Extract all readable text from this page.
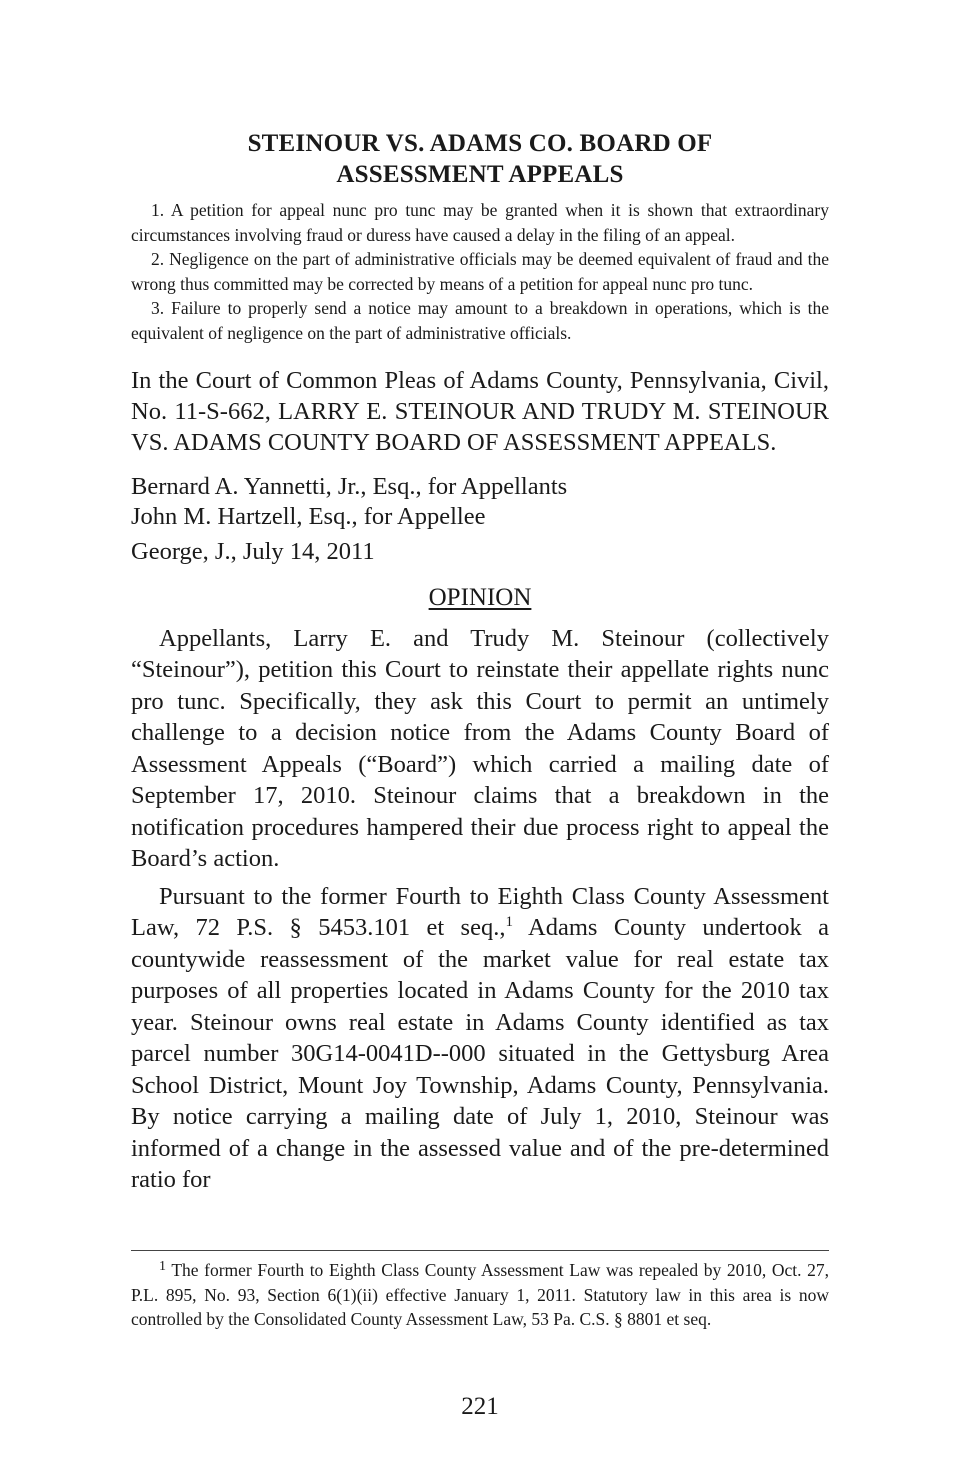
STEINOUR VS. ADAMS CO. BOARD OF
ASSESSMENT APPEALS

1. A petition for appeal nunc pro tunc may be granted when it is shown that extraordinary circumstances involving fraud or duress have caused a delay in the filing of an appeal.

2. Negligence on the part of administrative officials may be deemed equivalent of fraud and the wrong thus committed may be corrected by means of a petition for appeal nunc pro tunc.

3. Failure to properly send a notice may amount to a breakdown in operations, which is the equivalent of negligence on the part of administrative officials.

In the Court of Common Pleas of Adams County, Pennsylvania, Civil, No. 11-S-662, LARRY E. STEINOUR AND TRUDY M. STEINOUR VS. ADAMS COUNTY BOARD OF ASSESSMENT APPEALS.

Bernard A. Yannetti, Jr., Esq., for Appellants
John M. Hartzell, Esq., for Appellee
George, J., July 14, 2011
OPINION

Appellants, Larry E. and Trudy M. Steinour (collectively “Steinour”), petition this Court to reinstate their appellate rights nunc pro tunc. Specifically, they ask this Court to permit an untimely challenge to a decision notice from the Adams County Board of Assessment Appeals (“Board”) which carried a mailing date of September 17, 2010. Steinour claims that a breakdown in the notification procedures hampered their due process right to appeal the Board’s action.

Pursuant to the former Fourth to Eighth Class County Assessment Law, 72 P.S. § 5453.101 et seq.,$^1$ Adams County undertook a countywide reassessment of the market value for real estate tax purposes of all properties located in Adams County for the 2010 tax year. Steinour owns real estate in Adams County identified as tax parcel number 30G14-0041D--000 situated in the Gettysburg Area School District, Mount Joy Township, Adams County, Pennsylvania. By notice carrying a mailing date of July 1, 2010, Steinour was informed of a change in the assessed value and of the pre-determined ratio for

$^1$ The former Fourth to Eighth Class County Assessment Law was repealed by 2010, Oct. 27, P.L. 895, No. 93, Section 6(1)(ii) effective January 1, 2011. Statutory law in this area is now controlled by the Consolidated County Assessment Law, 53 Pa. C.S. § 8801 et seq.

221
